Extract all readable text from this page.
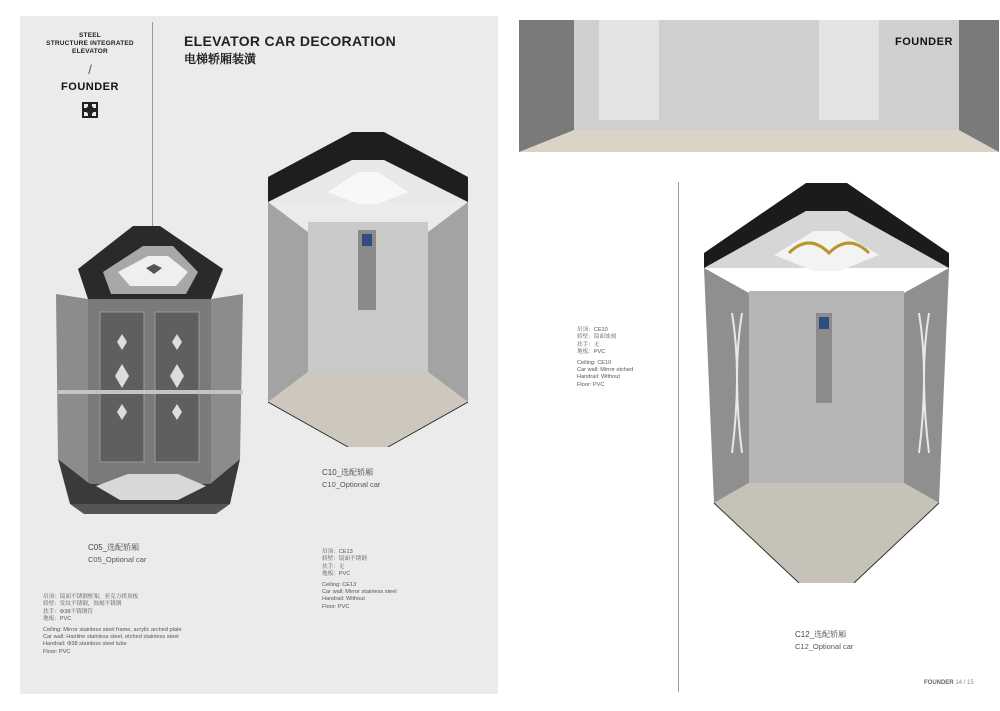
STEEL
STRUCTURE INTEGRATED
ELEVATOR
/
FOUNDER
ELEVATOR CAR DECORATION
电梯轿厢装潢
FOUNDER
C05_选配轿厢
C05_Optional car
吊顶：镜面不锈钢框架，亚克力拱顶板
轿壁：发纹不锈钢，蚀刻不锈钢
扶手：Φ38不锈钢管
地板：PVC
Ceiling: Mirror stainless steel frame, acrylic arched plate
Car wall: Hairline stainless steel, etched stainless steel
Handrail: Φ38 stainless steel tube
Floor: PVC
C10_选配轿厢
C10_Optional car
吊顶：CE13
轿壁：镜面不锈钢
扶手：无
地板：PVC
Ceiling: CE13
Car wall: Mirror stainless steel
Handrail: Without
Floor: PVC
吊顶：CE10
轿壁：镜面蚀刻
扶手：无
地板：PVC
Ceiling: CE10
Car wall: Mirror etched
Handrail: Without
Floor: PVC
C12_选配轿厢
C12_Optional car
FOUNDER 14 / 15
